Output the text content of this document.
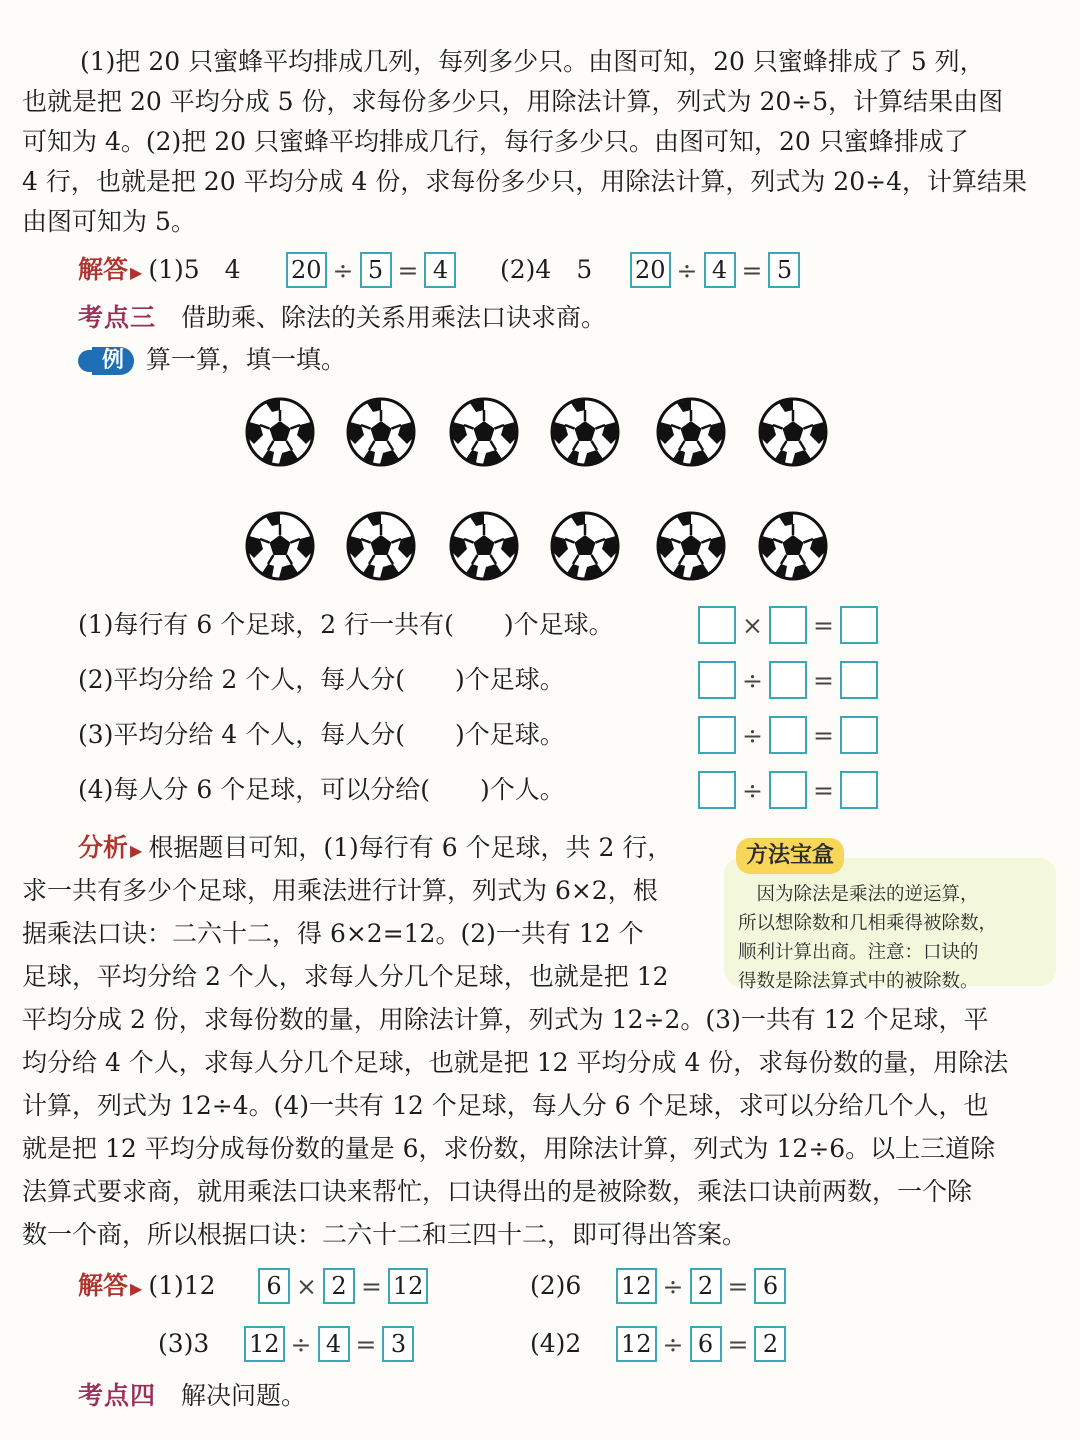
(1)把 20 只蜜蜂平均排成几列，每列多少只。由图可知，20 只蜜蜂排成了 5 列，
也就是把 20 平均分成 5 份，求每份多少只，用除法计算，列式为 20÷5，计算结果由图
可知为 4。(2)把 20 只蜜蜂平均排成几行，每行多少只。由图可知，20 只蜜蜂排成了
4 行，也就是把 20 平均分成 4 份，求每份多少只，用除法计算，列式为 20÷4，计算结果
由图可知为 5。
解答 ▶ (1)5　4 20 ÷ 5 = 4	(2)4　5 20 ÷ 4 = 5
考点三　 借助乘、除法的关系用乘法口诀求商。
例 算一算，填一填。
(1)每行有 6 个足球，2 行一共有(　　)个足球。	× =
(2)平均分给 2 个人，每人分(　　)个足球。	÷ =
(3)平均分给 4 个人，每人分(　　)个足球。	÷ =
(4)每人分 6 个足球，可以分给(　　)个人。	÷ =
分析 ▶ 根据题目可知，(1)每行有 6 个足球，共 2 行，
求一共有多少个足球，用乘法进行计算，列式为 6×2，根
据乘法口诀：二六十二，得 6×2=12。(2)一共有 12 个
足球，平均分给 2 个人，求每人分几个足球，也就是把 12
平均分成 2 份，求每份数的量，用除法计算，列式为 12÷2。(3)一共有 12 个足球，平
均分给 4 个人，求每人分几个足球，也就是把 12 平均分成 4 份，求每份数的量，用除法
计算，列式为 12÷4。(4)一共有 12 个足球，每人分 6 个足球，求可以分给几个人，也
就是把 12 平均分成每份数的量是 6，求份数，用除法计算，列式为 12÷6。以上三道除
法算式要求商，就用乘法口诀来帮忙，口诀得出的是被除数，乘法口诀前两数，一个除
数一个商，所以根据口诀：二六十二和三四十二，即可得出答案。

　因为除法是乘法的逆运算，

所以想除数和几相乘得被除数，

顺利计算出商。注意：口诀的

得数是除法算式中的被除数。

方法宝盒
解答 ▶ (1)12	6 × 2 = 12	(2)6 12 ÷ 2 = 6
(3)3 12 ÷ 4 = 3	(4)2 12 ÷ 6 = 2
考点四　 解决问题。
